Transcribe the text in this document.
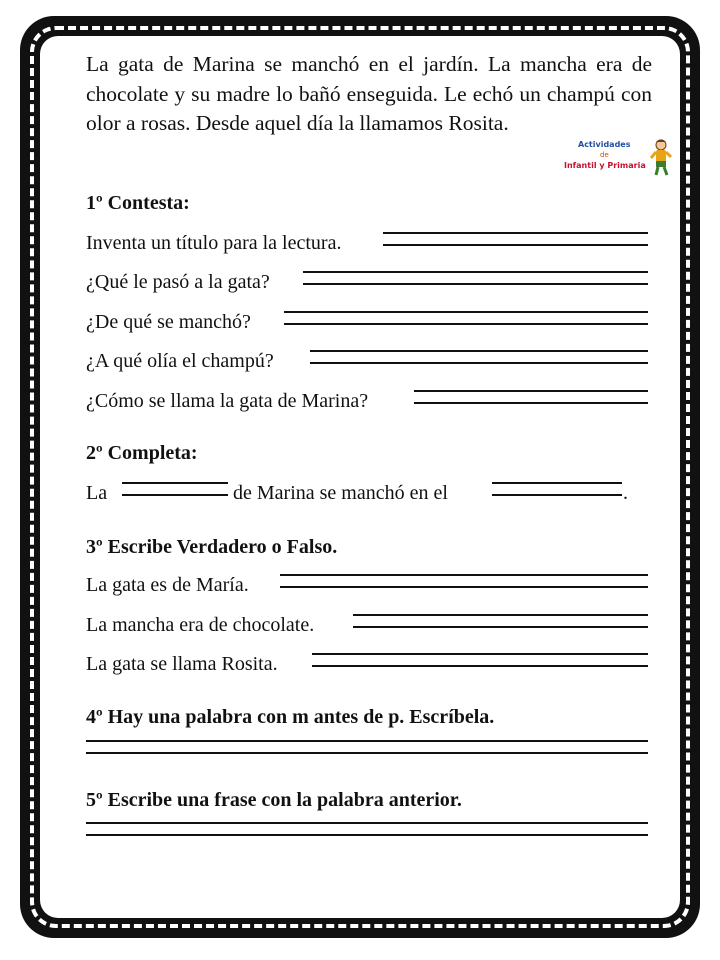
La gata de Marina se manchó en el jardín. La mancha era de chocolate y su madre lo bañó enseguida. Le echó un champú con olor a rosas. Desde aquel día la llamamos Rosita.

Actividades
de
Infantil y Primaria
1º Contesta:
Inventa un título para la lectura.
¿Qué le pasó a la gata?
¿De qué se manchó?
¿A qué olía el champú?
¿Cómo se llama la gata de Marina?
2º Completa:
La	de Marina se manchó en el	.
3º Escribe Verdadero o Falso.
La gata es de María.
La mancha era de chocolate.
La gata se llama Rosita.
4º Hay una palabra con m antes de p. Escríbela.
5º Escribe una frase con la palabra anterior.
